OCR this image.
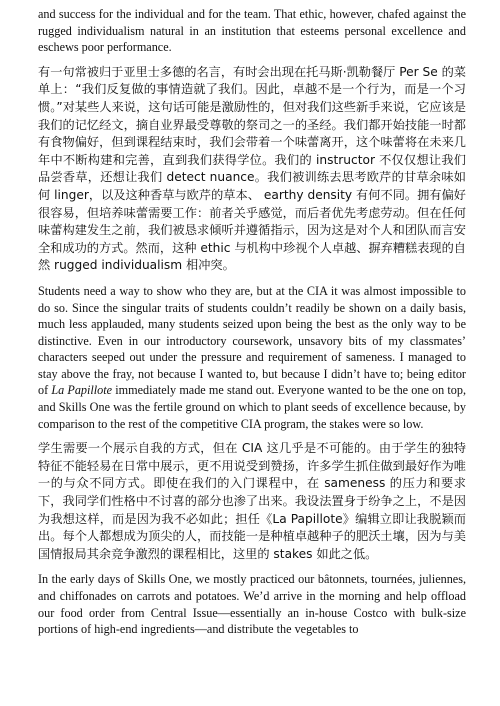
and success for the individual and for the team. That ethic, however, chafed against the rugged individualism natural in an institution that esteems personal excellence and eschews poor performance.

有一句常被归于亚里士多德的名言，有时会出现在托马斯·凯勒餐厅 Per Se 的菜单上：“我们反复做的事情造就了我们。因此，卓越不是一个行为，而是一个习惯。”对某些人来说，这句话可能是激励性的，但对我们这些新手来说，它应该是我们的记忆经文，摘自业界最受尊敬的祭司之一的圣经。我们都开始技能一时都有食物偏好，但到课程结束时，我们会带着一个味蕾离开，这个味蕾将在未来几年中不断构建和完善，直到我们获得学位。我们的 instructor 不仅仅想让我们品尝香草，还想让我们 detect nuance。我们被训练去思考欧芹的甘草余味如何 linger，以及这种香草与欧芹的草本、 earthy density 有何不同。拥有偏好很容易，但培养味蕾需要工作：前者关乎感觉，而后者优先考虑劳动。但在任何味蕾构建发生之前，我们被恳求倾听并遵循指示，因为这是对个人和团队而言安全和成功的方式。然而，这种 ethic 与机构中珍视个人卓越、摒弃糟糕表现的自然 rugged individualism 相冲突。

Students need a way to show who they are, but at the CIA it was almost impossible to do so. Since the singular traits of students couldn’t readily be shown on a daily basis, much less applauded, many students seized upon being the best as the only way to be distinctive. Even in our introductory coursework, unsavory bits of my classmates’ characters seeped out under the pressure and requirement of sameness. I managed to stay above the fray, not because I wanted to, but because I didn’t have to; being editor of La Papillote immediately made me stand out. Everyone wanted to be the one on top, and Skills One was the fertile ground on which to plant seeds of excellence because, by comparison to the rest of the competitive CIA program, the stakes were so low.

学生需要一个展示自我的方式，但在 CIA 这几乎是不可能的。由于学生的独特特征不能轻易在日常中展示，更不用说受到赞扬，许多学生抓住做到最好作为唯一的与众不同方式。即使在我们的入门课程中，在 sameness 的压力和要求下，我同学们性格中不讨喜的部分也渗了出来。我设法置身于纷争之上，不是因为我想这样，而是因为我不必如此；担任《La Papillote》编辑立即让我脱颖而出。每个人都想成为顶尖的人，而技能一是种植卓越种子的肥沃土壤，因为与美国情报局其余竞争激烈的课程相比，这里的 stakes 如此之低。

In the early days of Skills One, we mostly practiced our bâtonnets, tournées, juliennes, and chiffonades on carrots and potatoes. We’d arrive in the morning and help offload our food order from Central Issue—essentially an in-house Costco with bulk-size portions of high-end ingredients—and distribute the vegetables to
